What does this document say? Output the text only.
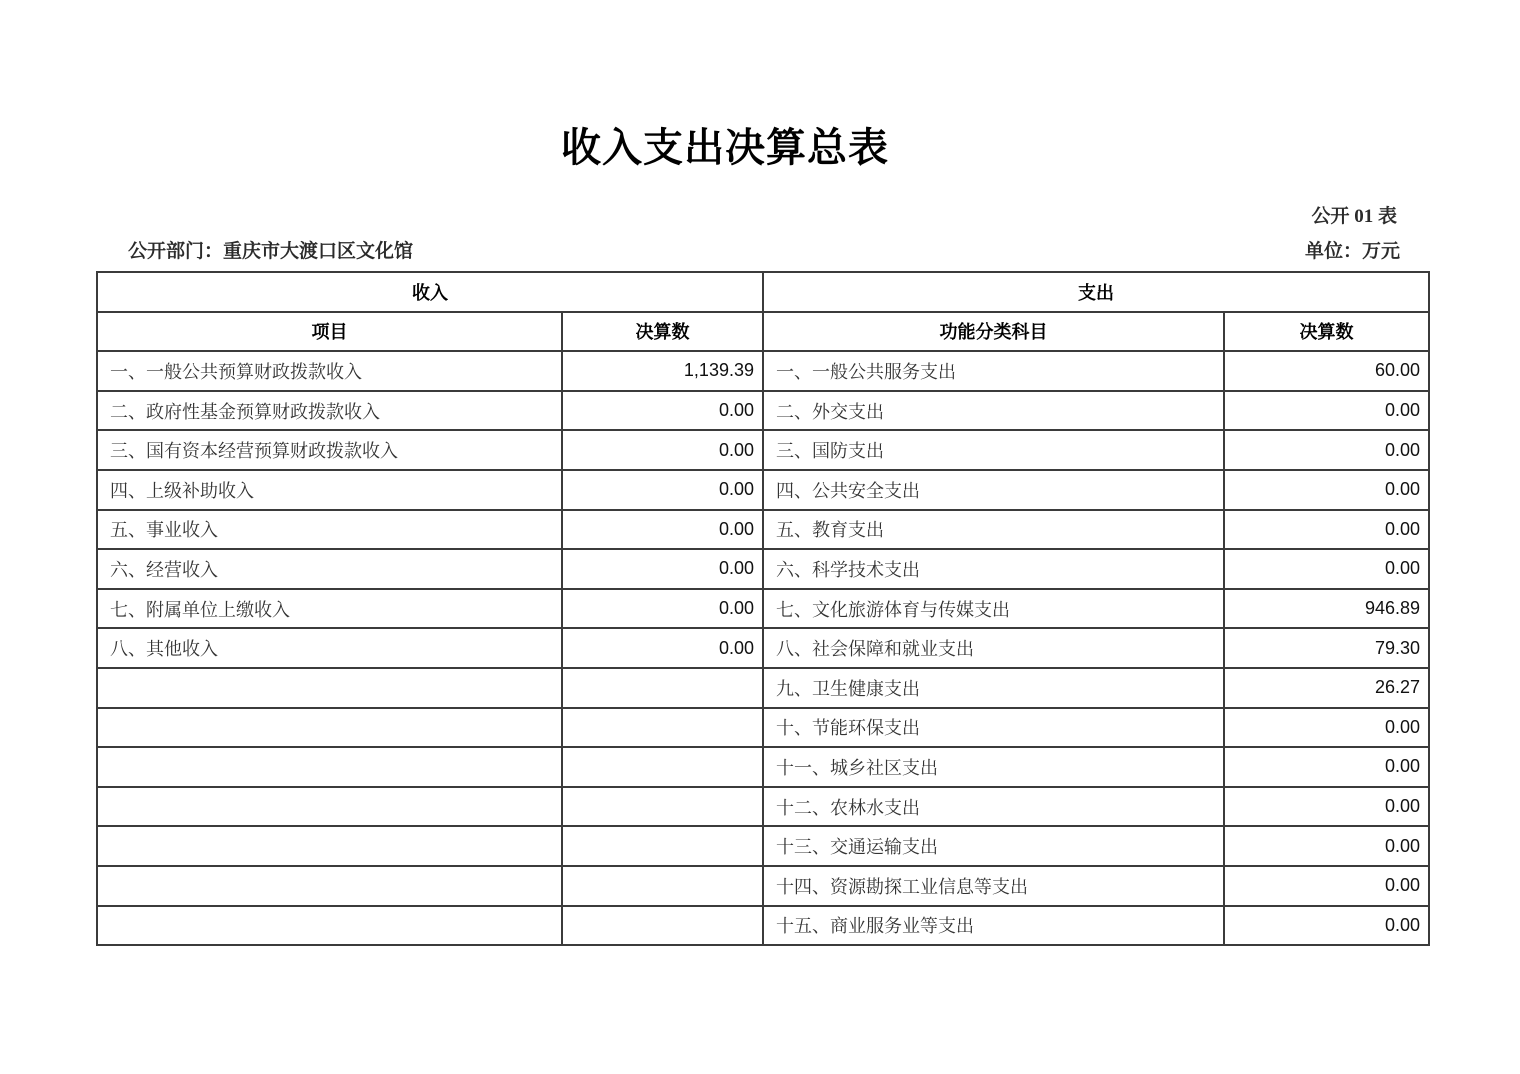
收入支出决算总表
公开 01 表
公开部门：重庆市大渡口区文化馆	单位：万元
收入		支出	
项目	决算数	功能分类科目	决算数
一、一般公共预算财政拨款收入	1,139.39	一、一般公共服务支出	60.00
二、政府性基金预算财政拨款收入	0.00	二、外交支出	0.00
三、国有资本经营预算财政拨款收入	0.00	三、国防支出	0.00
四、上级补助收入	0.00	四、公共安全支出	0.00
五、事业收入	0.00	五、教育支出	0.00
六、经营收入	0.00	六、科学技术支出	0.00
七、附属单位上缴收入	0.00	七、文化旅游体育与传媒支出	946.89
八、其他收入	0.00	八、社会保障和就业支出	79.30
		九、卫生健康支出	26.27
		十、节能环保支出	0.00
		十一、城乡社区支出	0.00
		十二、农林水支出	0.00
		十三、交通运输支出	0.00
		十四、资源勘探工业信息等支出	0.00
		十五、商业服务业等支出	0.00
